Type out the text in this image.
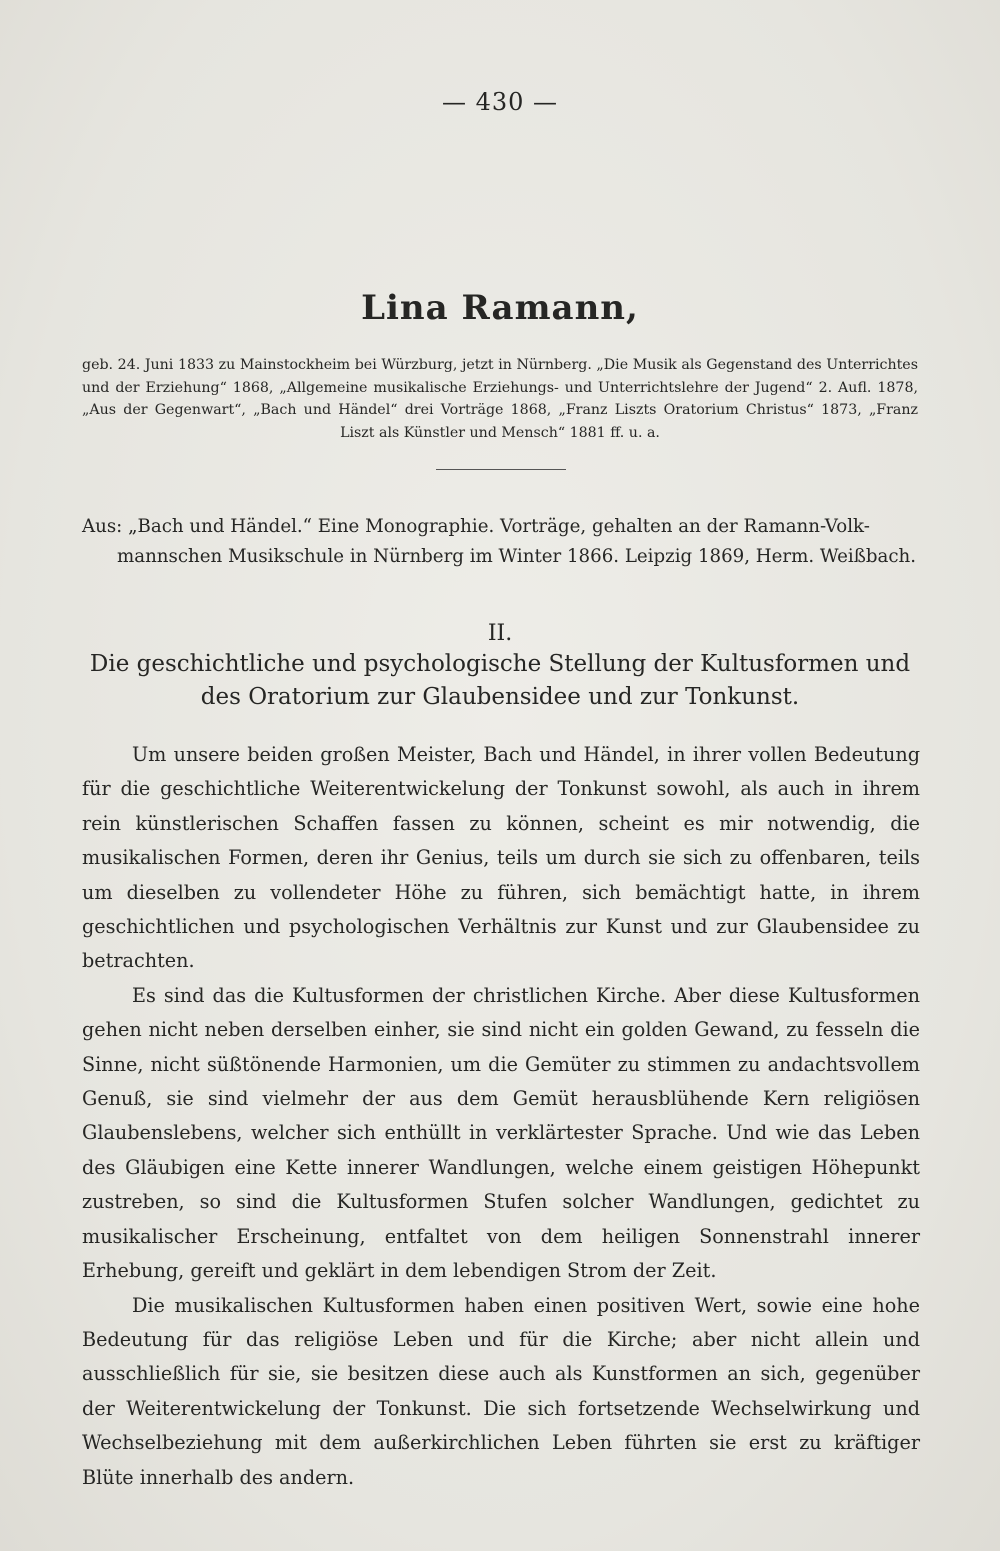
— 430 —
Lina Ramann,
geb. 24. Juni 1833 zu Mainstockheim bei Würzburg, jetzt in Nürnberg. „Die Musik als Gegenstand des Unterrichtes und der Erziehung“ 1868, „Allgemeine musikalische Erziehungs- und Unterrichtslehre der Jugend“ 2. Aufl. 1878, „Aus der Gegenwart“, „Bach und Händel“ drei Vorträge 1868, „Franz Liszts Oratorium Christus“ 1873, „Franz Liszt als Künstler und Mensch“ 1881 ff. u. a.
Aus: „Bach und Händel.“ Eine Monographie. Vorträge, gehalten an der Ramann-Volk-
mannschen Musikschule in Nürnberg im Winter 1866. Leipzig 1869, Herm. Weißbach.
II.
Die geschichtliche und psychologische Stellung der Kultusformen und des Oratorium zur Glaubensidee und zur Tonkunst.

Um unsere beiden großen Meister, Bach und Händel, in ihrer vollen Bedeutung für die geschichtliche Weiterentwickelung der Tonkunst sowohl, als auch in ihrem rein künstlerischen Schaffen fassen zu können, scheint es mir notwendig, die musikalischen Formen, deren ihr Genius, teils um durch sie sich zu offenbaren, teils um dieselben zu vollendeter Höhe zu führen, sich bemächtigt hatte, in ihrem geschichtlichen und psychologischen Verhältnis zur Kunst und zur Glaubensidee zu betrachten.

Es sind das die Kultusformen der christlichen Kirche. Aber diese Kultusformen gehen nicht neben derselben einher, sie sind nicht ein golden Gewand, zu fesseln die Sinne, nicht süßtönende Harmonien, um die Gemüter zu stimmen zu andachtsvollem Genuß, sie sind vielmehr der aus dem Gemüt herausblühende Kern religiösen Glaubenslebens, welcher sich enthüllt in verklärtester Sprache. Und wie das Leben des Gläubigen eine Kette innerer Wandlungen, welche einem geistigen Höhepunkt zustreben, so sind die Kultusformen Stufen solcher Wandlungen, gedichtet zu musikalischer Erscheinung, entfaltet von dem heiligen Sonnenstrahl innerer Erhebung, gereift und geklärt in dem lebendigen Strom der Zeit.

Die musikalischen Kultusformen haben einen positiven Wert, sowie eine hohe Bedeutung für das religiöse Leben und für die Kirche; aber nicht allein und ausschließlich für sie, sie besitzen diese auch als Kunstformen an sich, gegenüber der Weiterentwickelung der Tonkunst. Die sich fortsetzende Wechselwirkung und Wechselbeziehung mit dem außerkirchlichen Leben führten sie erst zu kräftiger Blüte innerhalb des andern.
